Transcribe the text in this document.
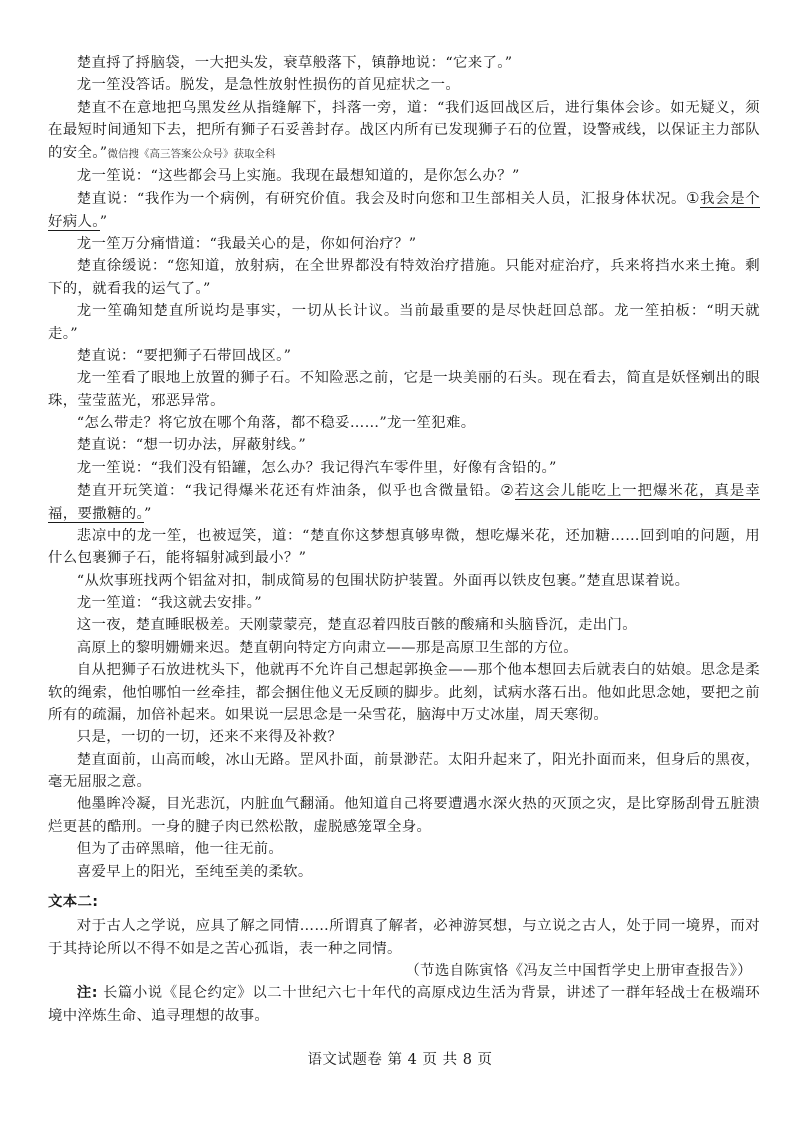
楚直捋了捋脑袋，一大把头发，衰草般落下，镇静地说：“它来了。”

龙一笙没答话。脱发，是急性放射性损伤的首见症状之一。

楚直不在意地把乌黑发丝从指缝解下，抖落一旁，道：“我们返回战区后，进行集体会诊。如无疑义，须在最短时间通知下去，把所有狮子石妥善封存。战区内所有已发现狮子石的位置，设警戒线，以保证主力部队的安全。”微信搜《高三答案公众号》获取全科

龙一笙说：“这些都会马上实施。我现在最想知道的，是你怎么办？”

楚直说：“我作为一个病例，有研究价值。我会及时向您和卫生部相关人员，汇报身体状况。①我会是个好病人。”

龙一笙万分痛惜道：“我最关心的是，你如何治疗？”

楚直徐缓说：“您知道，放射病，在全世界都没有特效治疗措施。只能对症治疗，兵来将挡水来土掩。剩下的，就看我的运气了。”

龙一笙确知楚直所说均是事实，一切从长计议。当前最重要的是尽快赶回总部。龙一笙拍板：“明天就走。”

楚直说：“要把狮子石带回战区。”

龙一笙看了眼地上放置的狮子石。不知险恶之前，它是一块美丽的石头。现在看去，简直是妖怪剜出的眼珠，莹莹蓝光，邪恶异常。

“怎么带走？将它放在哪个角落，都不稳妥……”龙一笙犯难。

楚直说：“想一切办法，屏蔽射线。”

龙一笙说：“我们没有铅罐，怎么办？我记得汽车零件里，好像有含铅的。”

楚直开玩笑道：“我记得爆米花还有炸油条，似乎也含微量铅。②若这会儿能吃上一把爆米花，真是幸福，要撒糖的。”

悲凉中的龙一笙，也被逗笑，道：“楚直你这梦想真够卑微，想吃爆米花，还加糖……回到咱的问题，用什么包裹狮子石，能将辐射减到最小？”

“从炊事班找两个铝盆对扣，制成简易的包围状防护装置。外面再以铁皮包裹。”楚直思谋着说。

龙一笙道：“我这就去安排。”

这一夜，楚直睡眠极差。天刚蒙蒙亮，楚直忍着四肢百骸的酸痛和头脑昏沉，走出门。

高原上的黎明姗姗来迟。楚直朝向特定方向肃立——那是高原卫生部的方位。

自从把狮子石放进枕头下，他就再不允许自己想起郭换金——那个他本想回去后就表白的姑娘。思念是柔软的绳索，他怕哪怕一丝牵挂，都会捆住他义无反顾的脚步。此刻，试病水落石出。他如此思念她，要把之前所有的疏漏，加倍补起来。如果说一层思念是一朵雪花，脑海中万丈冰崖，周天寒彻。

只是，一切的一切，还来不来得及补救？

楚直面前，山高而峻，冰山无路。罡风扑面，前景渺茫。太阳升起来了，阳光扑面而来，但身后的黑夜，毫无屈服之意。

他墨眸冷凝，目光悲沉，内脏血气翻涌。他知道自己将要遭遇水深火热的灭顶之灾，是比穿肠刮骨五脏溃烂更甚的酷刑。一身的腱子肉已然松散，虚脱感笼罩全身。

但为了击碎黑暗，他一往无前。

喜爱早上的阳光，至纯至美的柔软。

文本二:

对于古人之学说，应具了解之同情……所谓真了解者，必神游冥想，与立说之古人，处于同一境界，而对于其持论所以不得不如是之苦心孤诣，表一种之同情。

（节选自陈寅恪《冯友兰中国哲学史上册审查报告》）

注: 长篇小说《昆仑约定》以二十世纪六七十年代的高原戍边生活为背景，讲述了一群年轻战士在极端环境中淬炼生命、追寻理想的故事。

语文试题卷 第 4 页 共 8 页
